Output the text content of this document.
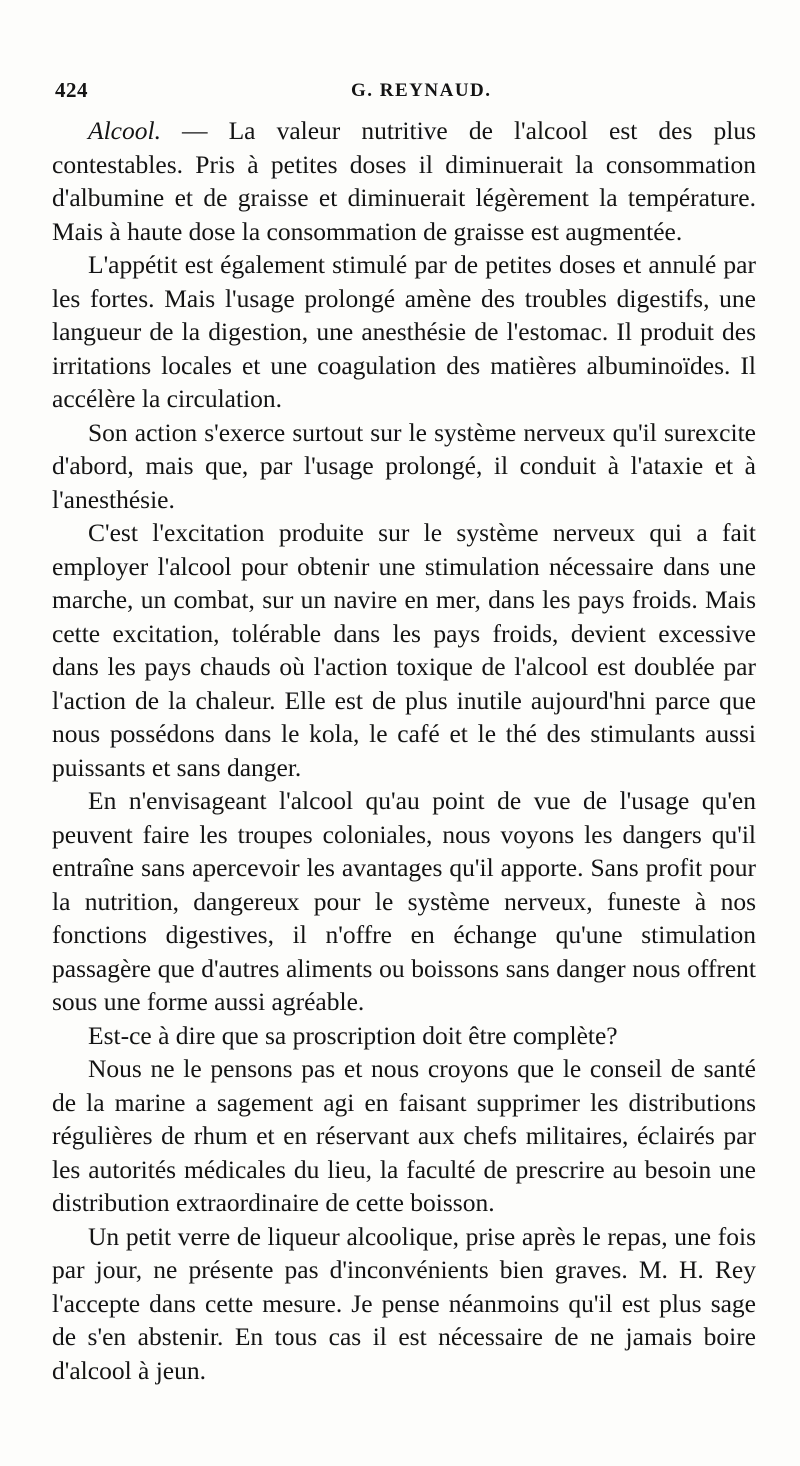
424	G. REYNAUD.

Alcool. — La valeur nutritive de l'alcool est des plus contestables. Pris à petites doses il diminuerait la consommation d'albumine et de graisse et diminuerait légèrement la température. Mais à haute dose la consommation de graisse est augmentée.

L'appétit est également stimulé par de petites doses et annulé par les fortes. Mais l'usage prolongé amène des troubles digestifs, une langueur de la digestion, une anesthésie de l'estomac. Il produit des irritations locales et une coagulation des matières albuminoïdes. Il accélère la circulation.

Son action s'exerce surtout sur le système nerveux qu'il surexcite d'abord, mais que, par l'usage prolongé, il conduit à l'ataxie et à l'anesthésie.

C'est l'excitation produite sur le système nerveux qui a fait employer l'alcool pour obtenir une stimulation nécessaire dans une marche, un combat, sur un navire en mer, dans les pays froids. Mais cette excitation, tolérable dans les pays froids, devient excessive dans les pays chauds où l'action toxique de l'alcool est doublée par l'action de la chaleur. Elle est de plus inutile aujourd'hni parce que nous possédons dans le kola, le café et le thé des stimulants aussi puissants et sans danger.

En n'envisageant l'alcool qu'au point de vue de l'usage qu'en peuvent faire les troupes coloniales, nous voyons les dangers qu'il entraîne sans apercevoir les avantages qu'il apporte. Sans profit pour la nutrition, dangereux pour le système nerveux, funeste à nos fonctions digestives, il n'offre en échange qu'une stimulation passagère que d'autres aliments ou boissons sans danger nous offrent sous une forme aussi agréable.

Est-ce à dire que sa proscription doit être complète?

Nous ne le pensons pas et nous croyons que le conseil de santé de la marine a sagement agi en faisant supprimer les distributions régulières de rhum et en réservant aux chefs militaires, éclairés par les autorités médicales du lieu, la faculté de prescrire au besoin une distribution extraordinaire de cette boisson.

Un petit verre de liqueur alcoolique, prise après le repas, une fois par jour, ne présente pas d'inconvénients bien graves. M. H. Rey l'accepte dans cette mesure. Je pense néanmoins qu'il est plus sage de s'en abstenir. En tous cas il est nécessaire de ne jamais boire d'alcool à jeun.
